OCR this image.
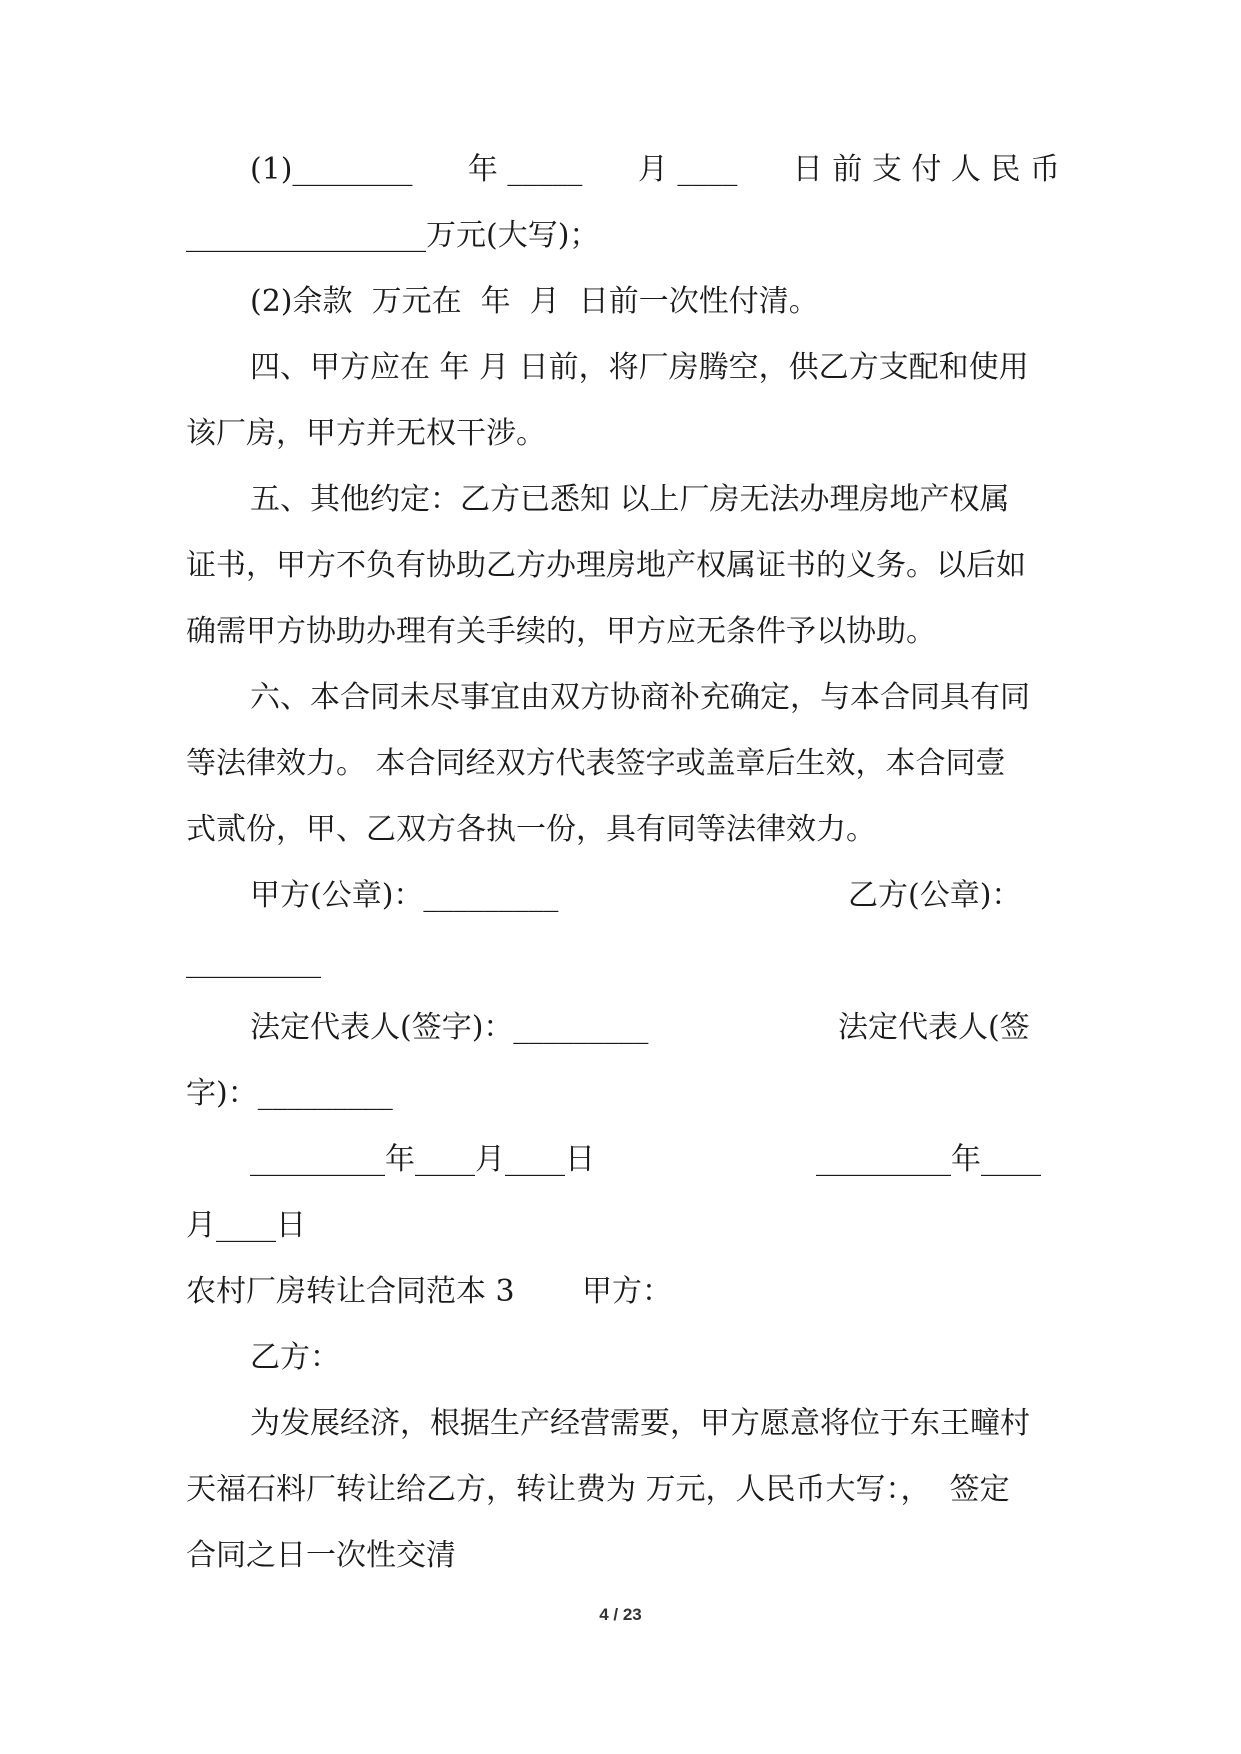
(1)________ 年 _____ 月 ____ 日 前 支 付 人 民 币
________________万元(大写)；
(2)余款  万元在  年  月  日前一次性付清。
四、甲方应在 年 月 日前，将厂房腾空，供乙方支配和使用
该厂房，甲方并无权干涉。
五、其他约定：乙方已悉知 以上厂房无法办理房地产权属
证书，甲方不负有协助乙方办理房地产权属证书的义务。以后如
确需甲方协助办理有关手续的，甲方应无条件予以协助。
六、本合同未尽事宜由双方协商补充确定，与本合同具有同
等法律效力。 本合同经双方代表签字或盖章后生效，本合同壹
式贰份，甲、乙双方各执一份，具有同等法律效力。
甲方(公章)：_________	乙方(公章)：
_________
法定代表人(签字)：_________	法定代表人(签
字)：_________
_________年____月____日	_________年____
月____日
农村厂房转让合同范本 3 甲方：
乙方：
为发展经济，根据生产经营需要，甲方愿意将位于东王疃村
天福石料厂转让给乙方，转让费为 万元，人民币大写：，  签定
合同之日一次性交清
4 / 23
